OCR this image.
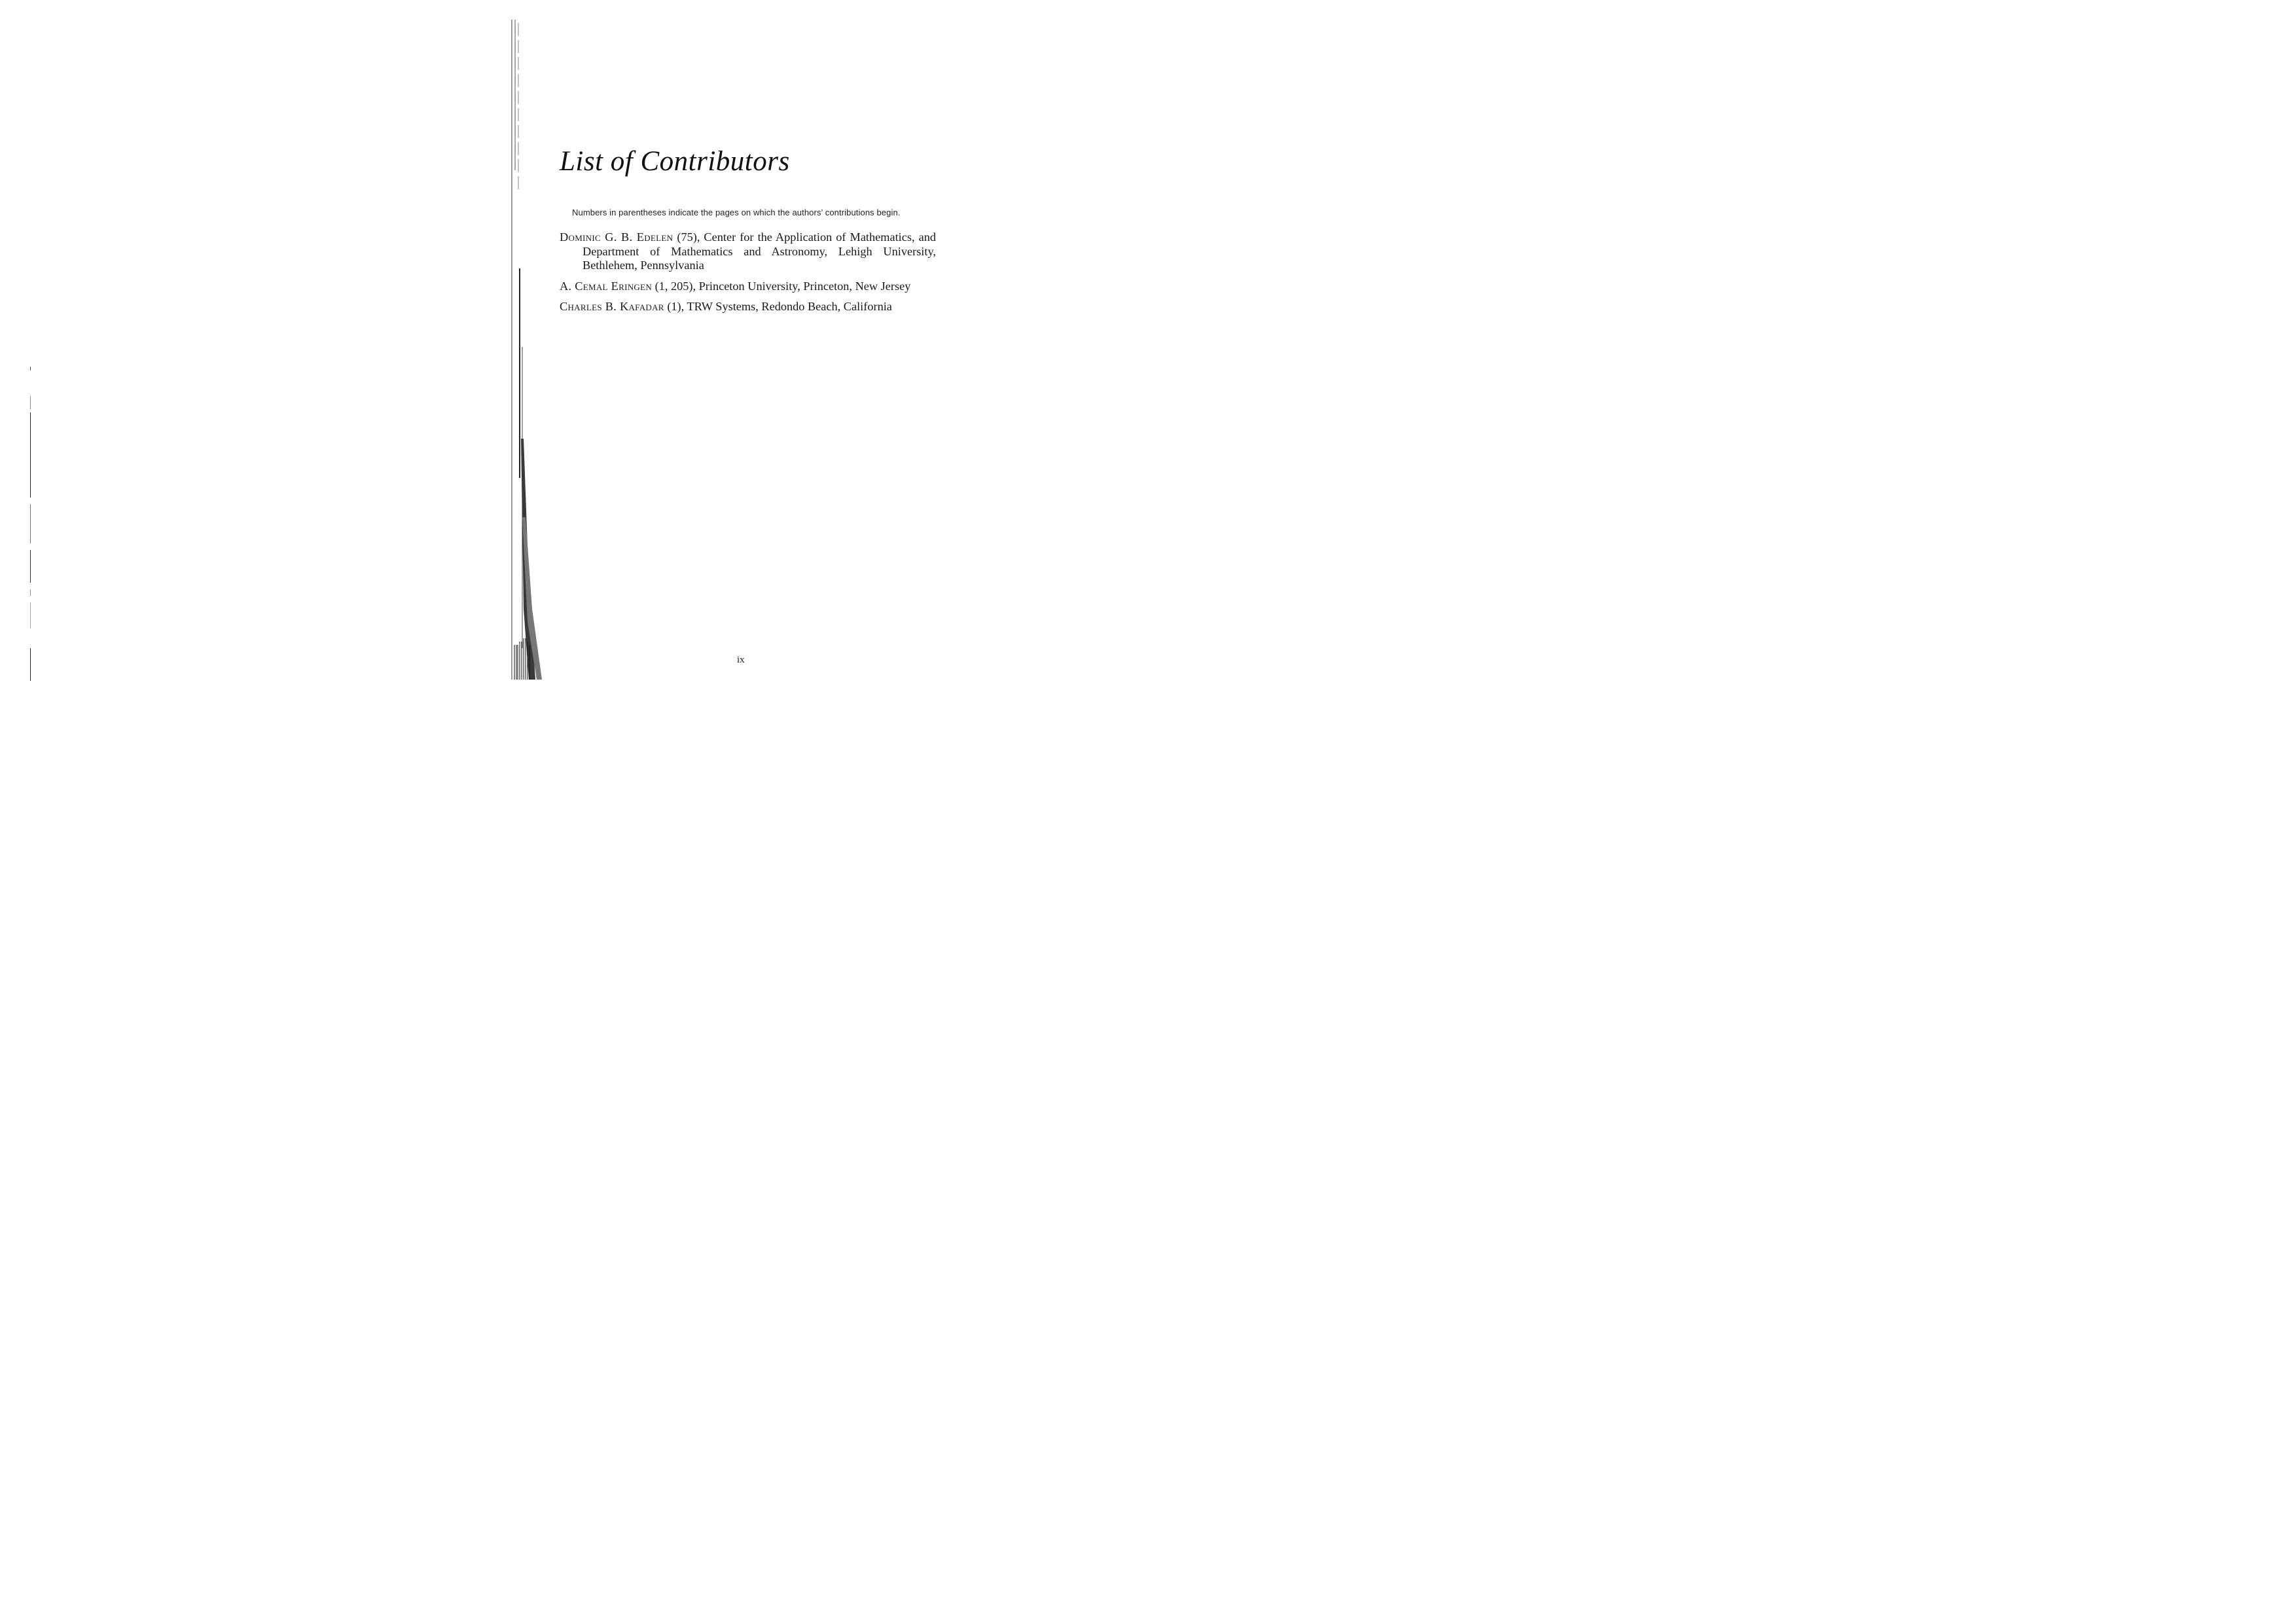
List of Contributors

Numbers in parentheses indicate the pages on which the authors’ contributions begin.

Dominic G. B. Edelen (75), Center for the Application of Mathematics, and Department of Mathematics and Astronomy, Lehigh University, Bethlehem, Pennsylvania
A. Cemal Eringen (1, 205), Princeton University, Princeton, New Jersey
Charles B. Kafadar (1), TRW Systems, Redondo Beach, California

ix
